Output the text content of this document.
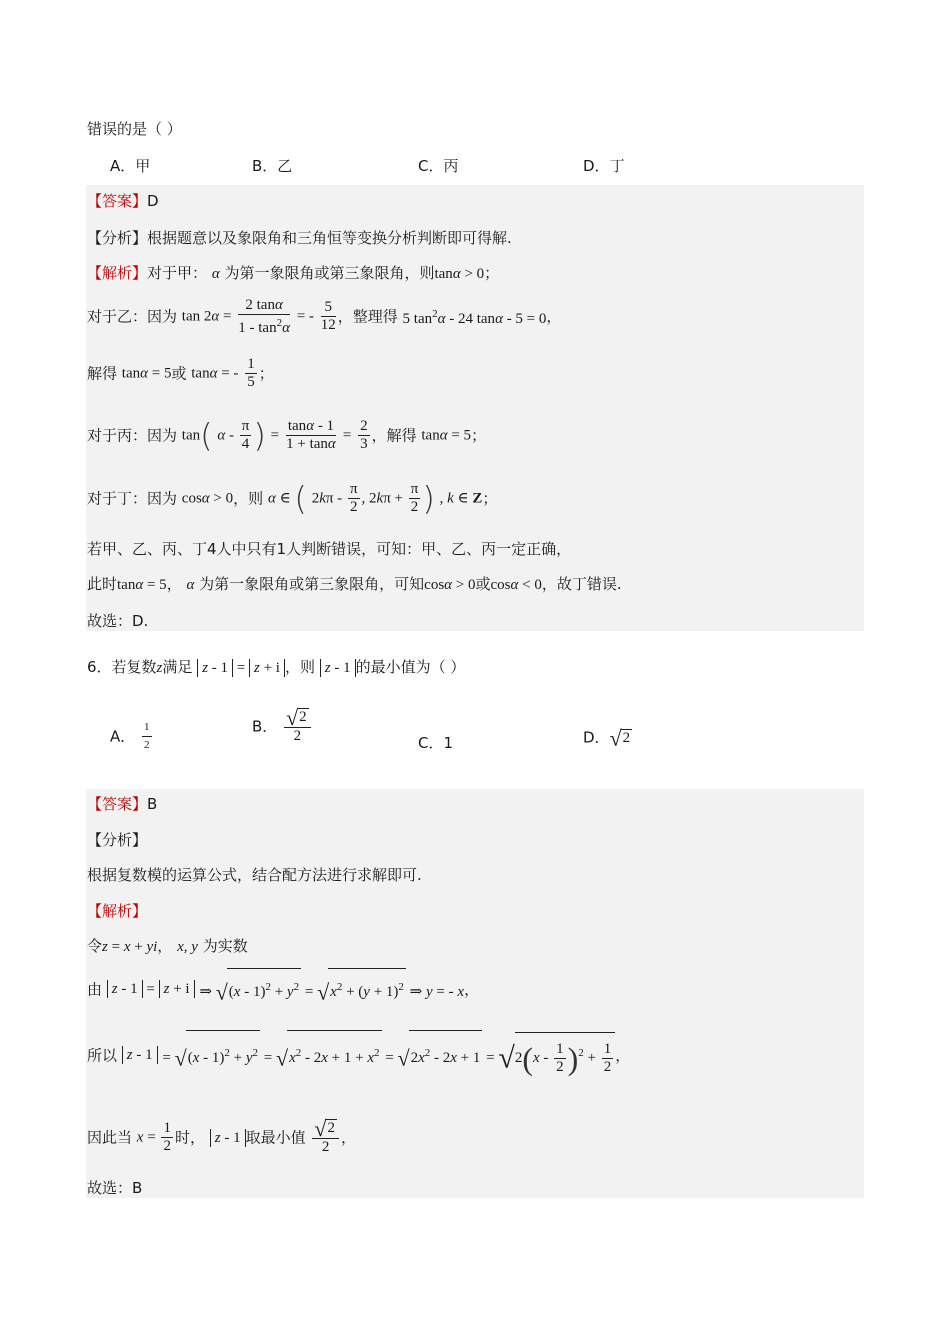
错误的是（ ）
A．甲	B．乙	C．丙	D．丁
【答案】D
【分析】根据题意以及象限角和三角恒等变换分析判断即可得解.
【解析】对于甲： α 为第一象限角或第三象限角，则tanα > 0；
对于乙：因为 $\tan 2\alpha = \frac{2 \tan\alpha}{1 - \tan^2\alpha}$ = - $\frac{5}{12}$ ，整理得 5 $\tan^2\alpha - 24$ tanα - 5 = 0，
解得 tanα = 5或 tanα = - $\frac{1}{5}$ ；
对于丙：因为 tan( α - $\frac{\pi}{4}$ ) = $\frac{\tan\alpha - 1}{1 + \tan\alpha} = \frac{2}{3}$ ，解得 tanα = 5；
对于丁：因为 cosα > 0，则 α ∈ ( $2k\pi - \frac{\pi}{2}$ , $2k\pi + \frac{\pi}{2}$ ) , k ∈ Z；
若甲、乙、丙、丁4人中只有1人判断错误，可知：甲、乙、丙一定正确，
此时tanα = 5， α 为第一象限角或第三象限角，可知cosα > 0或cosα < 0，故丁错误.
故选：D.
6．若复数z满足 z - 1 = z + i ，则 z - 1 的最小值为（ ）
A． $\frac{1}{2}$	B． $\frac{√2}{2}$	C．1	D．√2
【答案】B
【分析】
根据复数模的运算公式，结合配方法进行求解即可.
【解析】
令z = x + yi， x, y 为实数
由 z - 1 = z + i ⇒ $√(x - 1)^2 + y^2 = √x^2 + (y + 1)^2$ ⇒ y = - x，
所以 $z - 1 = √(x - 1)^2 + y^2 = √x^2 - 2x + 1 + x^2 = √2x^2 - 2x + 1 = √2(x - \frac{1}{2} )^2 + \frac{1}{2}$ ，
因此当 $x = \frac{1}{2}$ 时， z - 1 取最小值 $\frac{√2}{2}$ ，
故选：B
